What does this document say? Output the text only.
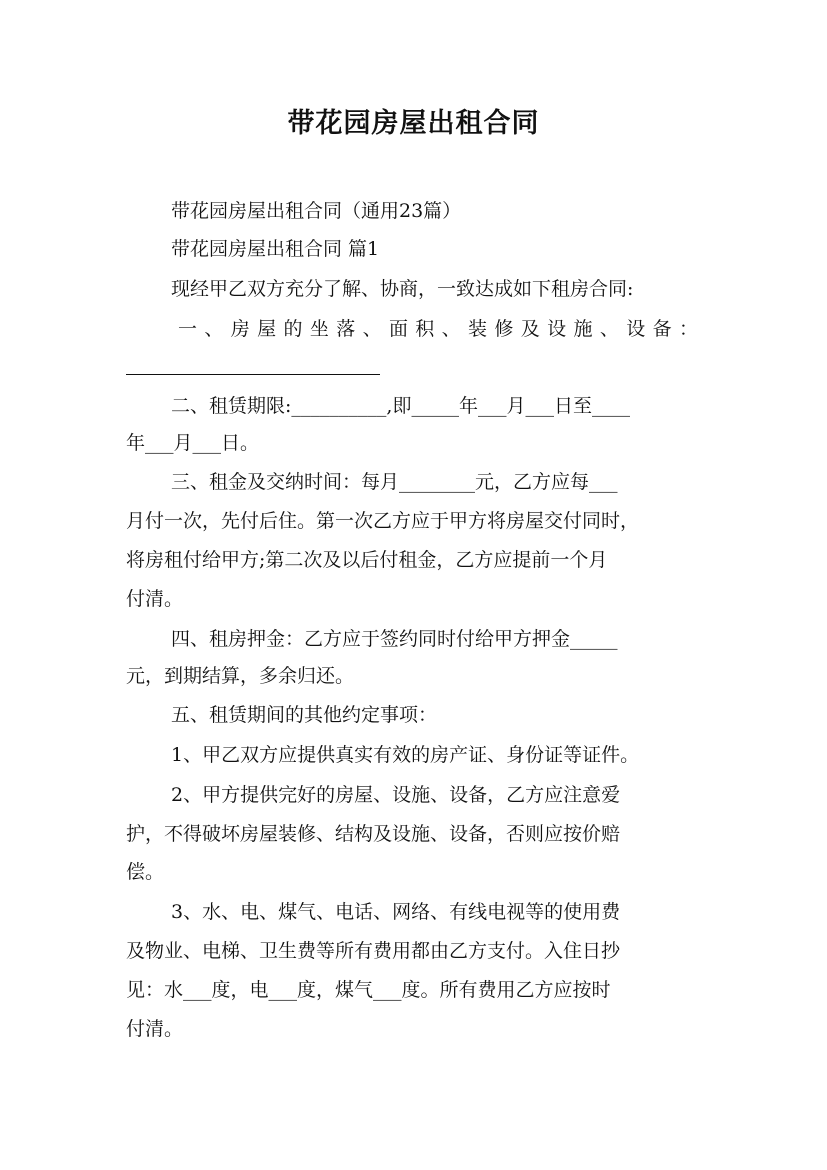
带花园房屋出租合同
带花园房屋出租合同（通用23篇）
带花园房屋出租合同 篇1
现经甲乙双方充分了解、协商，一致达成如下租房合同:
一、房屋的坐落、面积、装修及设施、设备：
二、租赁期限:__________,即_____年___月___日至____
年___月___日。
三、租金及交纳时间：每月________元，乙方应每___
月付一次，先付后住。第一次乙方应于甲方将房屋交付同时，
将房租付给甲方;第二次及以后付租金，乙方应提前一个月
付清。
四、租房押金：乙方应于签约同时付给甲方押金_____
元，到期结算，多余归还。
五、租赁期间的其他约定事项：
1、甲乙双方应提供真实有效的房产证、身份证等证件。
2、甲方提供完好的房屋、设施、设备，乙方应注意爱
护，不得破坏房屋装修、结构及设施、设备，否则应按价赔
偿。
3、水、电、煤气、电话、网络、有线电视等的使用费
及物业、电梯、卫生费等所有费用都由乙方支付。入住日抄
见：水___度，电___度，煤气___度。所有费用乙方应按时
付清。
